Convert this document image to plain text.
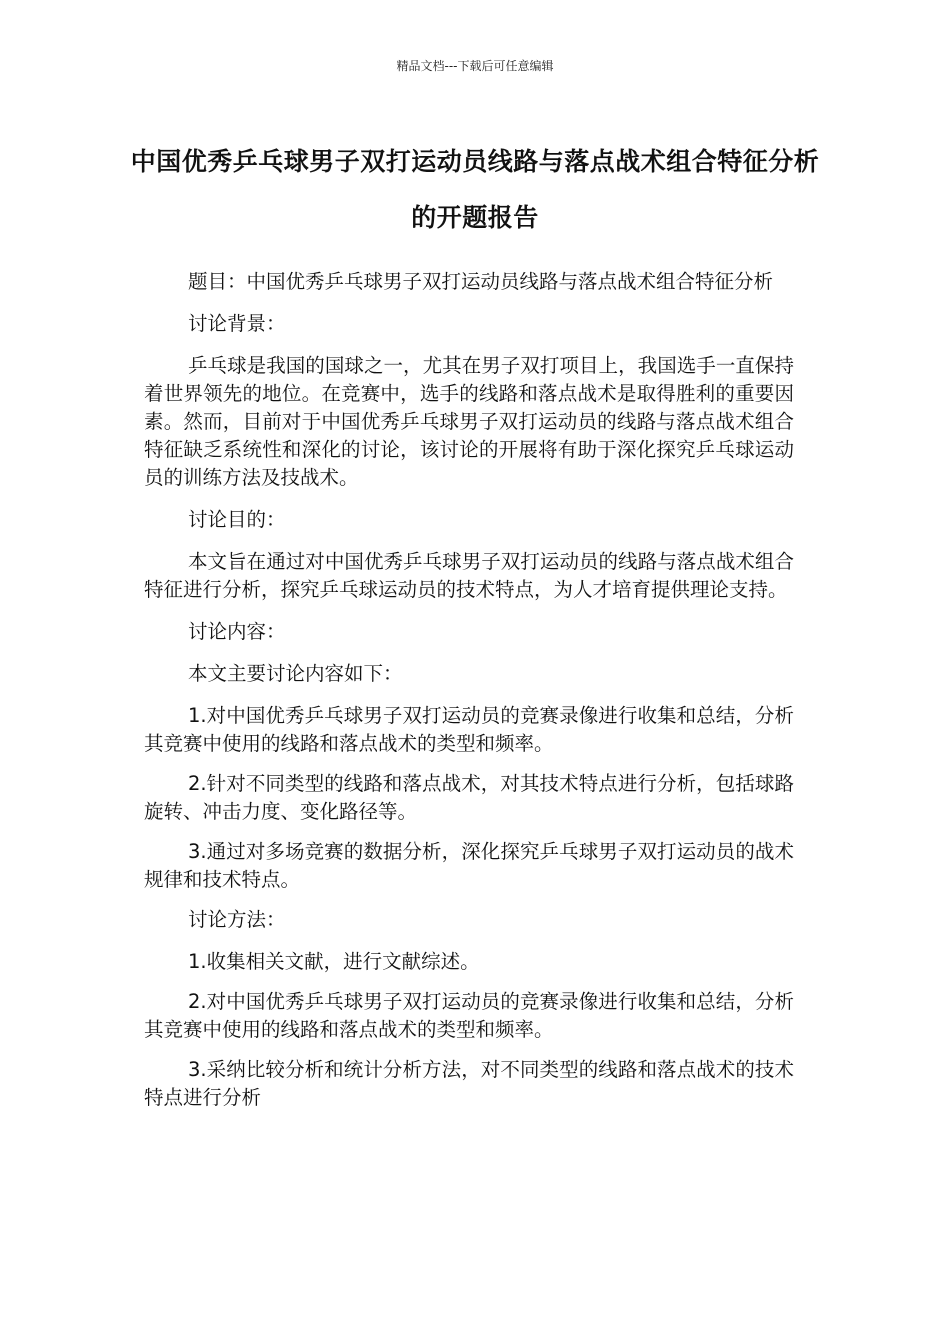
精品文档---下载后可任意编辑
中国优秀乒乓球男子双打运动员线路与落点战术组合特征分析的开题报告

题目：中国优秀乒乓球男子双打运动员线路与落点战术组合特征分析

讨论背景：

乒乓球是我国的国球之一，尤其在男子双打项目上，我国选手一直保持着世界领先的地位。在竞赛中，选手的线路和落点战术是取得胜利的重要因素。然而，目前对于中国优秀乒乓球男子双打运动员的线路与落点战术组合特征缺乏系统性和深化的讨论，该讨论的开展将有助于深化探究乒乓球运动员的训练方法及技战术。

讨论目的：

本文旨在通过对中国优秀乒乓球男子双打运动员的线路与落点战术组合特征进行分析，探究乒乓球运动员的技术特点，为人才培育提供理论支持。

讨论内容：

本文主要讨论内容如下：

1.对中国优秀乒乓球男子双打运动员的竞赛录像进行收集和总结，分析其竞赛中使用的线路和落点战术的类型和频率。

2.针对不同类型的线路和落点战术，对其技术特点进行分析，包括球路旋转、冲击力度、变化路径等。

3.通过对多场竞赛的数据分析，深化探究乒乓球男子双打运动员的战术规律和技术特点。

讨论方法：

1.收集相关文献，进行文献综述。

2.对中国优秀乒乓球男子双打运动员的竞赛录像进行收集和总结，分析其竞赛中使用的线路和落点战术的类型和频率。

3.采纳比较分析和统计分析方法，对不同类型的线路和落点战术的技术特点进行分析
